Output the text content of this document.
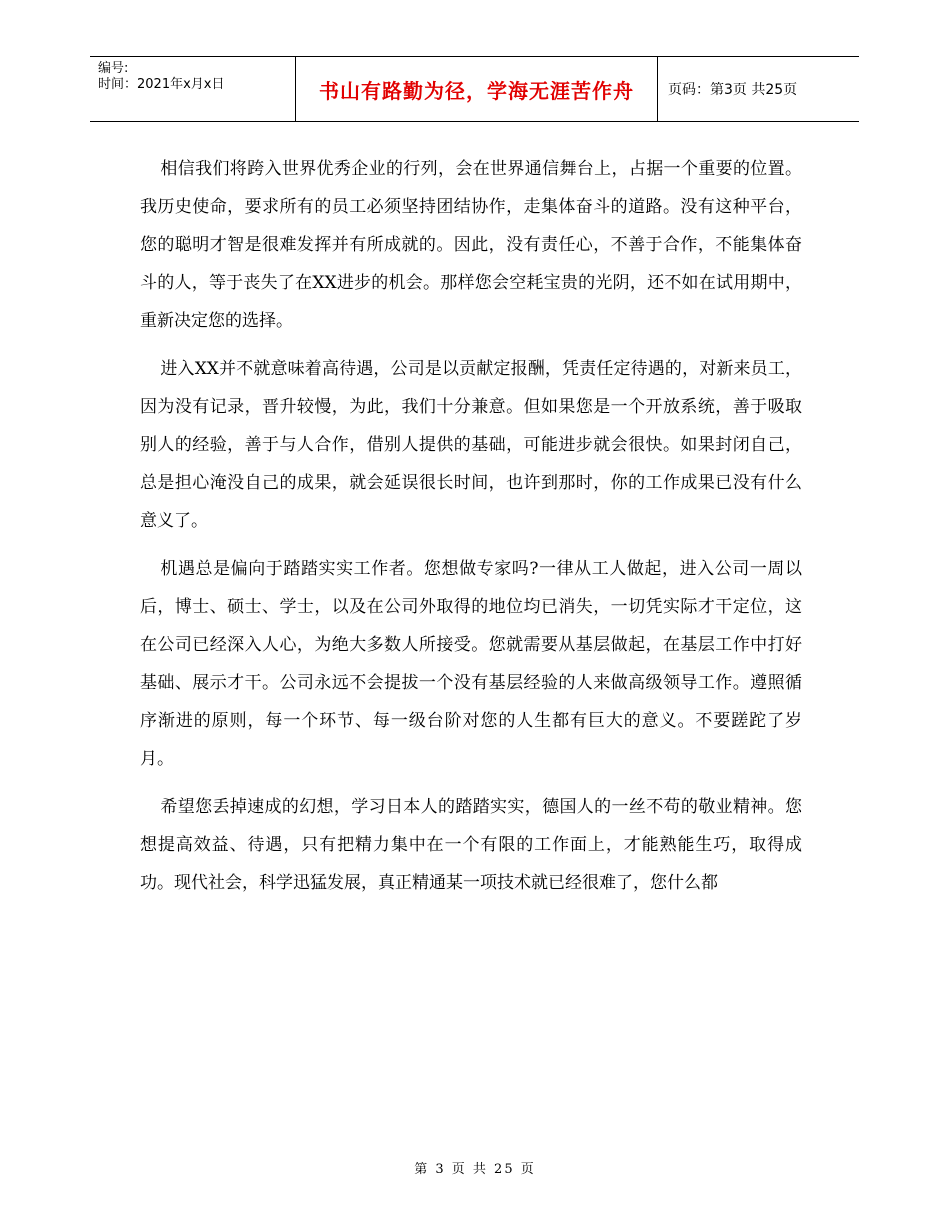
编号:
时间：2021年x月x日	书山有路勤为径，学海无涯苦作舟	页码：第3页 共25页

相信我们将跨入世界优秀企业的行列，会在世界通信舞台上，占据一个重要的位置。我历史使命，要求所有的员工必须坚持团结协作，走集体奋斗的道路。没有这种平台，您的聪明才智是很难发挥并有所成就的。因此，没有责任心，不善于合作，不能集体奋斗的人，等于丧失了在XX进步的机会。那样您会空耗宝贵的光阴，还不如在试用期中，重新决定您的选择。

进入XX并不就意味着高待遇，公司是以贡献定报酬，凭责任定待遇的，对新来员工，因为没有记录，晋升较慢，为此，我们十分兼意。但如果您是一个开放系统，善于吸取别人的经验，善于与人合作，借别人提供的基础，可能进步就会很快。如果封闭自己，总是担心淹没自己的成果，就会延误很长时间，也许到那时，你的工作成果已没有什么意义了。

机遇总是偏向于踏踏实实工作者。您想做专家吗?一律从工人做起，进入公司一周以后，博士、硕士、学士，以及在公司外取得的地位均已消失，一切凭实际才干定位，这在公司已经深入人心，为绝大多数人所接受。您就需要从基层做起，在基层工作中打好基础、展示才干。公司永远不会提拔一个没有基层经验的人来做高级领导工作。遵照循序渐进的原则，每一个环节、每一级台阶对您的人生都有巨大的意义。不要蹉跎了岁月。

希望您丢掉速成的幻想，学习日本人的踏踏实实，德国人的一丝不苟的敬业精神。您想提高效益、待遇，只有把精力集中在一个有限的工作面上，才能熟能生巧，取得成功。现代社会，科学迅猛发展，真正精通某一项技术就已经很难了，您什么都

第 3 页 共 25 页
